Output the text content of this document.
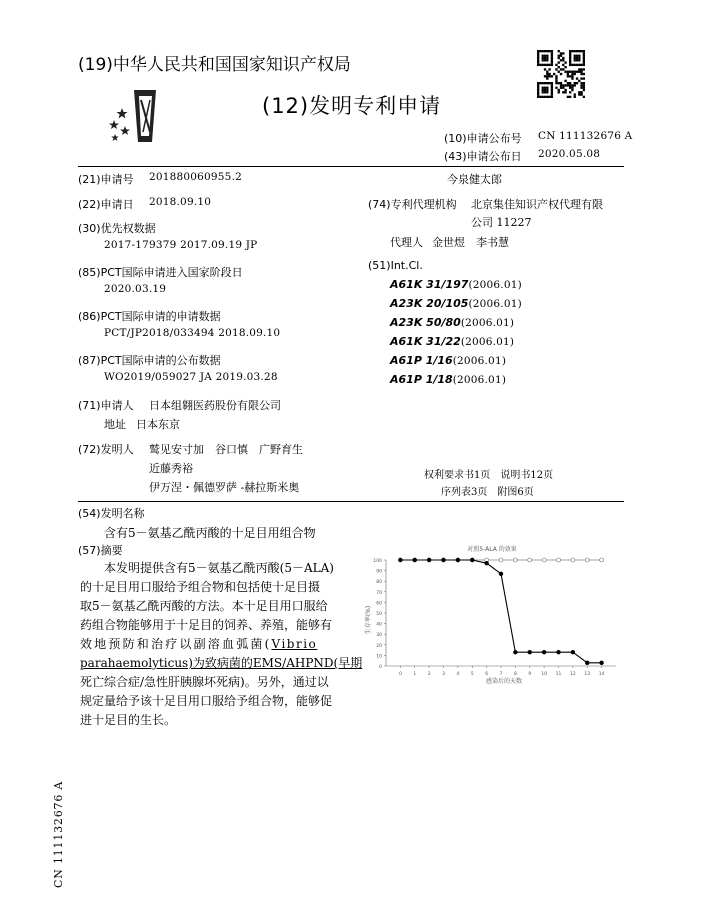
(19)中华人民共和国国家知识产权局
(12)发明专利申请
(10)申请公布号 CN 111132676 A
(43)申请公布日 2020.05.08
(21)申请号 201880060955.2
(22)申请日 2018.09.10
(30)优先权数据
2017-179379 2017.09.19 JP
(85)PCT国际申请进入国家阶段日
2020.03.19
(86)PCT国际申请的申请数据
PCT/JP2018/033494 2018.09.10
(87)PCT国际申请的公布数据
WO2019/059027 JA 2019.03.28
(71)申请人 日本组翱医药股份有限公司
地址 日本东京
(72)发明人 鹫见安寸加　谷口慎　广野育生
近藤秀裕
伊万涅・佩德罗萨 -赫拉斯米奥
今泉健太郎
(74)专利代理机构 北京集佳知识产权代理有限
公司 11227
代理人 金世煜　李书慧
(51)Int.Cl.
A61K 31/197(2006.01)
A23K 20/105(2006.01)
A23K 50/80(2006.01)
A61K 31/22(2006.01)
A61P 1/16(2006.01)
A61P 1/18(2006.01)
权利要求书1页　说明书12页
序列表3页　附图6页
(54)发明名称
含有5－氨基乙酰丙酸的十足目用组合物
(57)摘要
本发明提供含有5－氨基乙酰丙酸(5－ALA)
的十足目用口服给予组合物和包括使十足目摄
取5－氨基乙酰丙酸的方法。本十足目用口服给
药组合物能够用于十足目的饲养、养殖，能够有
效地预防和治疗以副溶血弧菌(Vibrio
parahaemolyticus)为致病菌的EMS/AHPND(早期
死亡综合症/急性肝胰腺坏死病)。另外，通过以
规定量给予该十足目用口服给予组合物，能够促
进十足目的生长。
对照5-ALA 的效果
生存率(%)
感染后的天数
0
10
20
30
40
50
60
70
80
90
100
0	1	2	3	4	5	6	7	8	9 10 11 12 13 14
CN 111132676 A
